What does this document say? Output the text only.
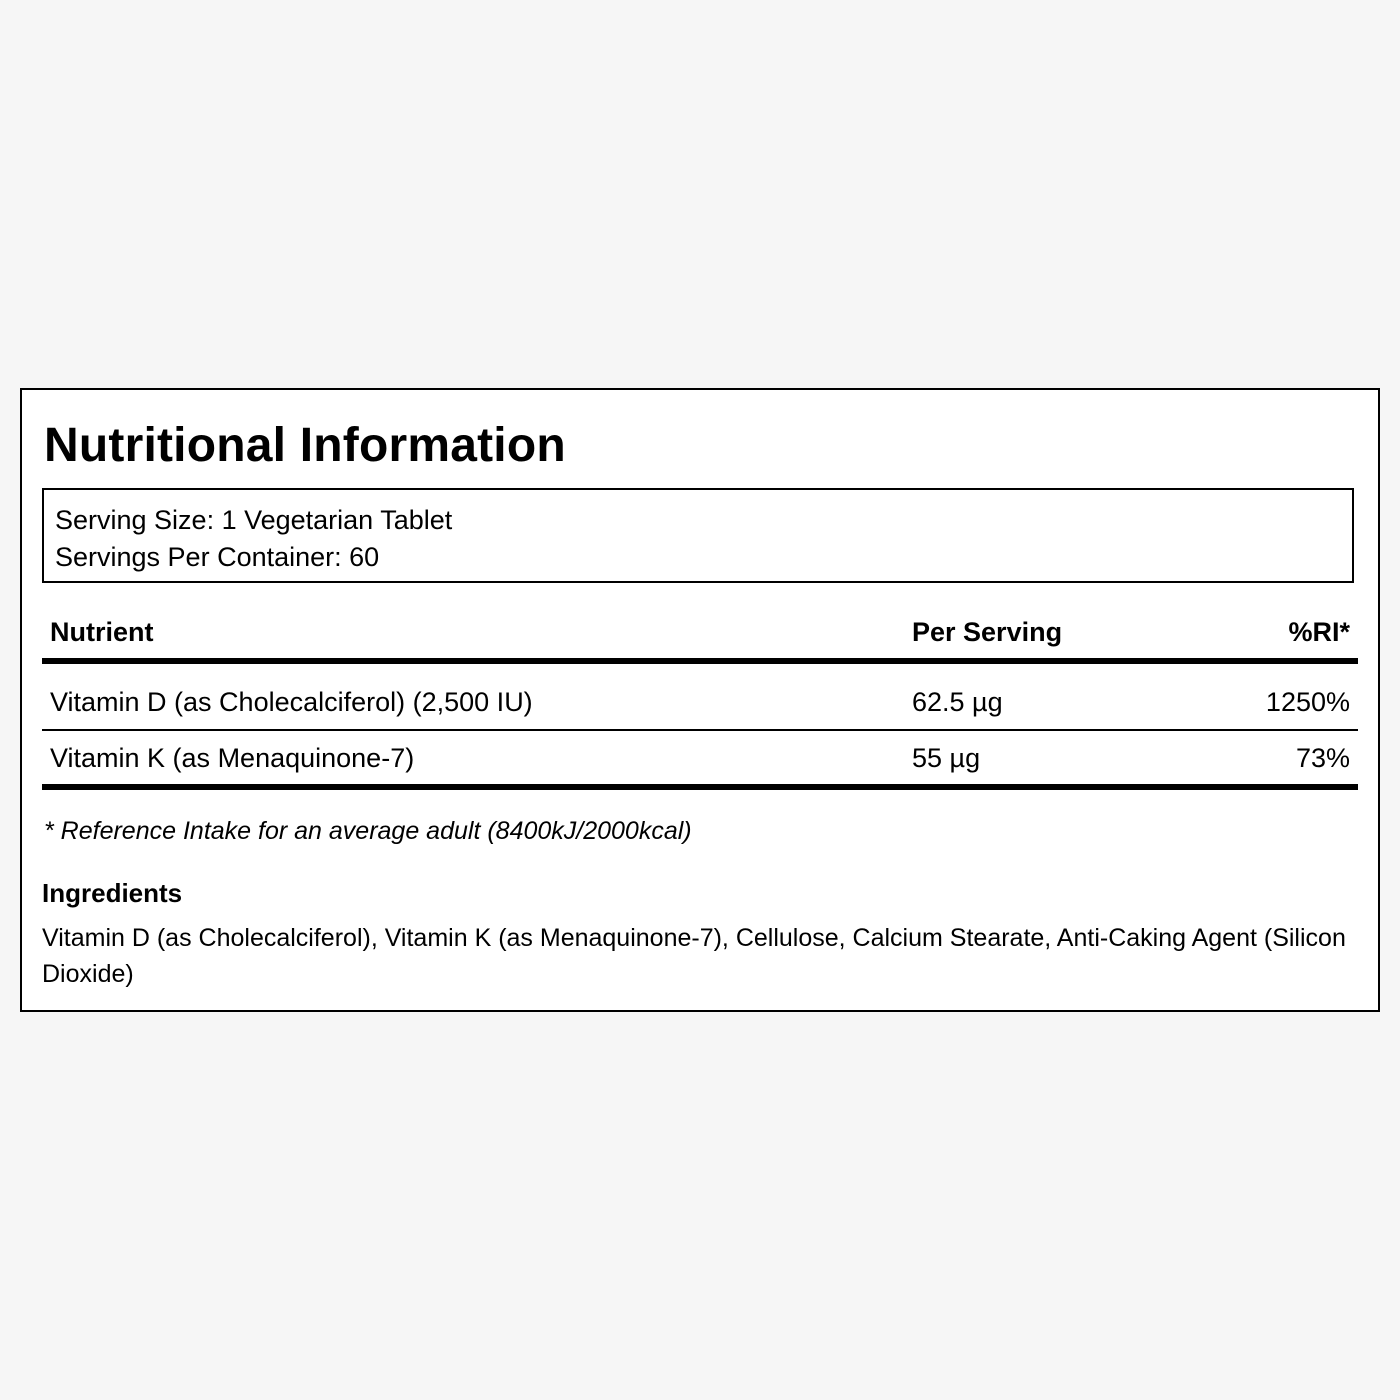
Nutritional Information
Serving Size: 1 Vegetarian Tablet
Servings Per Container: 60
Nutrient	Per Serving	%RI*
Vitamin D (as Cholecalciferol) (2,500 IU)	62.5 µg	1250%
Vitamin K (as Menaquinone-7)	55 µg	73%
* Reference Intake for an average adult (8400kJ/2000kcal)
Ingredients
Vitamin D (as Cholecalciferol), Vitamin K (as Menaquinone-7), Cellulose, Calcium Stearate, Anti-Caking Agent (Silicon Dioxide)
